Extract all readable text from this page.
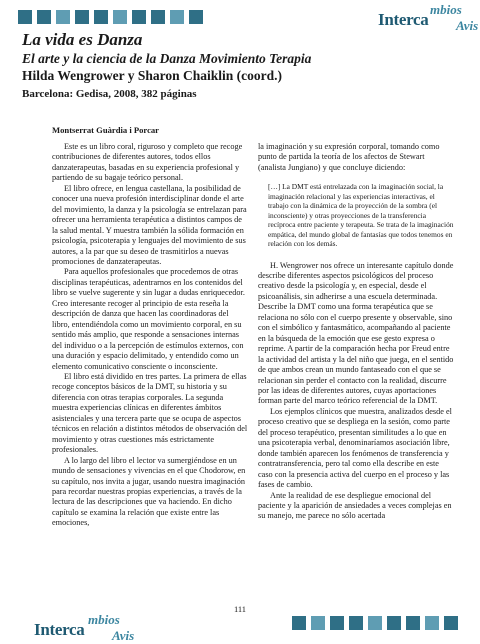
Interca
mbios
Avis
La vida es Danza
El arte y la ciencia de la Danza Movimiento Terapia
Hilda Wengrower y Sharon Chaiklin (coord.)
Barcelona: Gedisa, 2008, 382 páginas
Montserrat Guàrdia i Porcar

Este es un libro coral, riguroso y completo que recoge contribuciones de diferentes autores, todos ellos danzaterapeutas, basadas en su experiencia profesional y partiendo de su bagaje teórico personal.

El libro ofrece, en lengua castellana, la posibilidad de conocer una nueva profesión interdisciplinar donde el arte del movimiento, la danza y la psicología se entrelazan para ofrecer una herramienta terapéutica a distintos campos de la salud mental. Y muestra también la sólida formación en psicología, psicoterapia y lenguajes del movimiento de sus autores, a la par que su deseo de trasmitirlos a nuevas promociones de danzaterapeutas.

Para aquellos profesionales que procedemos de otras disciplinas terapéuticas, adentrarnos en los contenidos del libro se vuelve sugerente y sin lugar a dudas enriquecedor. Creo interesante recoger al principio de esta reseña la descripción de danza que hacen las coordinadoras del libro, entendiéndola como un movimiento corporal, en su sentido más amplio, que responde a sensaciones internas del individuo o a la percepción de estímulos externos, con una duración y espacio delimitado, y entendido como un elemento comunicativo consciente o inconsciente.

El libro está dividido en tres partes. La primera de ellas recoge conceptos básicos de la DMT, su historia y su diferencia con otras terapias corporales. La segunda muestra experiencias clínicas en diferentes ámbitos asistenciales y una tercera parte que se ocupa de aspectos técnicos en relación a distintos métodos de observación del movimiento y otras cuestiones más estrictamente profesionales.

A lo largo del libro el lector va sumergiéndose en un mundo de sensaciones y vivencias en el que Chodorow, en su capítulo, nos invita a jugar, usando nuestra imaginación para recordar nuestras propias experiencias, a través de la lectura de las descripciones que va haciendo. En dicho capítulo se examina la relación que existe entre las emociones,

la imaginación y su expresión corporal, tomando como punto de partida la teoría de los afectos de Stewart (analista Jungiano) y que concluye diciendo:

[…] La DMT está entrelazada con la imaginación social, la imaginación relacional y las experiencias interactivas, el trabajo con la dinámica de la proyección de la sombra (el inconsciente) y otras proyecciones de la transferencia recíproca entre paciente y terapeuta. Se trata de la imaginación empática, del mundo global de fantasías que todos tenemos en relación con los demás.

H. Wengrower nos ofrece un interesante capítulo donde describe diferentes aspectos psicológicos del proceso creativo desde la psicología y, en especial, desde el psicoanálisis, sin adherirse a una escuela determinada. Describe la DMT como una forma terapéutica que se relaciona no sólo con el cuerpo presente y observable, sino con el simbólico y fantasmático, acompañando al paciente en la búsqueda de la emoción que ese gesto expresa o reprime. A partir de la comparación hecha por Freud entre la actividad del artista y la del niño que juega, en el sentido de que ambos crean un mundo fantaseado con el que se relacionan sin perder el contacto con la realidad, discurre por las ideas de diferentes autores, cuyas aportaciones forman parte del marco teórico referencial de la DMT.

Los ejemplos clínicos que muestra, analizados desde el proceso creativo que se despliega en la sesión, como parte del proceso terapéutico, presentan similitudes a lo que en una psicoterapia verbal, denominaríamos asociación libre, donde también aparecen los fenómenos de transferencia y contratransferencia, pero tal como ella describe en este caso con la presencia activa del cuerpo en el proceso y las fases de cambio.

Ante la realidad de ese despliegue emocional del paciente y la aparición de ansiedades a veces complejas en su manejo, me parece no sólo acertada

111
Interca
mbios
Avis
